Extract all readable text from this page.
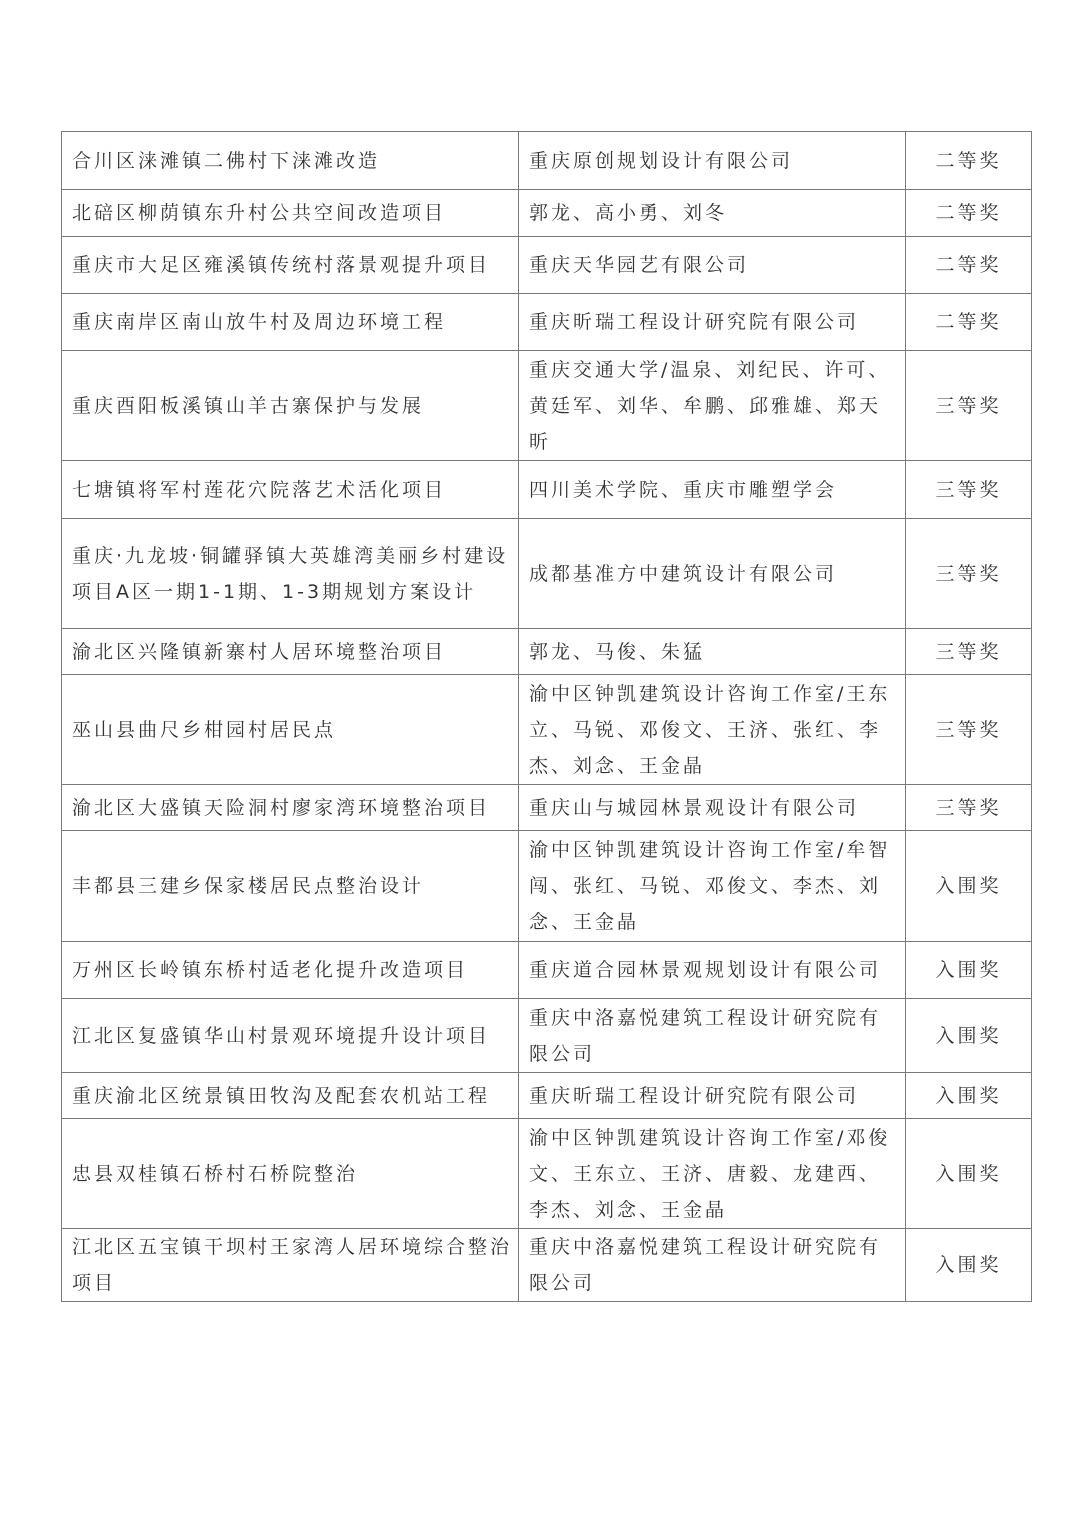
合川区涞滩镇二佛村下涞滩改造	重庆原创规划设计有限公司	二等奖
北碚区柳荫镇东升村公共空间改造项目	郭龙、高小勇、刘冬	二等奖
重庆市大足区雍溪镇传统村落景观提升项目	重庆天华园艺有限公司	二等奖
重庆南岸区南山放牛村及周边环境工程	重庆昕瑞工程设计研究院有限公司	二等奖
重庆酉阳板溪镇山羊古寨保护与发展	重庆交通大学/温泉、刘纪民、许可、黄廷军、刘华、牟鹏、邱雅雄、郑天昕	三等奖
七塘镇将军村莲花穴院落艺术活化项目	四川美术学院、重庆市雕塑学会	三等奖
重庆·九龙坡·铜罐驿镇大英雄湾美丽乡村建设项目A区一期1-1期、1-3期规划方案设计	成都基准方中建筑设计有限公司	三等奖
渝北区兴隆镇新寨村人居环境整治项目	郭龙、马俊、朱猛	三等奖
巫山县曲尺乡柑园村居民点	渝中区钟凯建筑设计咨询工作室/王东立、马锐、邓俊文、王济、张红、李杰、刘念、王金晶	三等奖
渝北区大盛镇天险洞村廖家湾环境整治项目	重庆山与城园林景观设计有限公司	三等奖
丰都县三建乡保家楼居民点整治设计	渝中区钟凯建筑设计咨询工作室/牟智闯、张红、马锐、邓俊文、李杰、刘念、王金晶	入围奖
万州区长岭镇东桥村适老化提升改造项目	重庆道合园林景观规划设计有限公司	入围奖
江北区复盛镇华山村景观环境提升设计项目	重庆中洛嘉悦建筑工程设计研究院有限公司	入围奖
重庆渝北区统景镇田牧沟及配套农机站工程	重庆昕瑞工程设计研究院有限公司	入围奖
忠县双桂镇石桥村石桥院整治	渝中区钟凯建筑设计咨询工作室/邓俊文、王东立、王济、唐毅、龙建西、李杰、刘念、王金晶	入围奖
江北区五宝镇干坝村王家湾人居环境综合整治项目	重庆中洛嘉悦建筑工程设计研究院有限公司	入围奖
